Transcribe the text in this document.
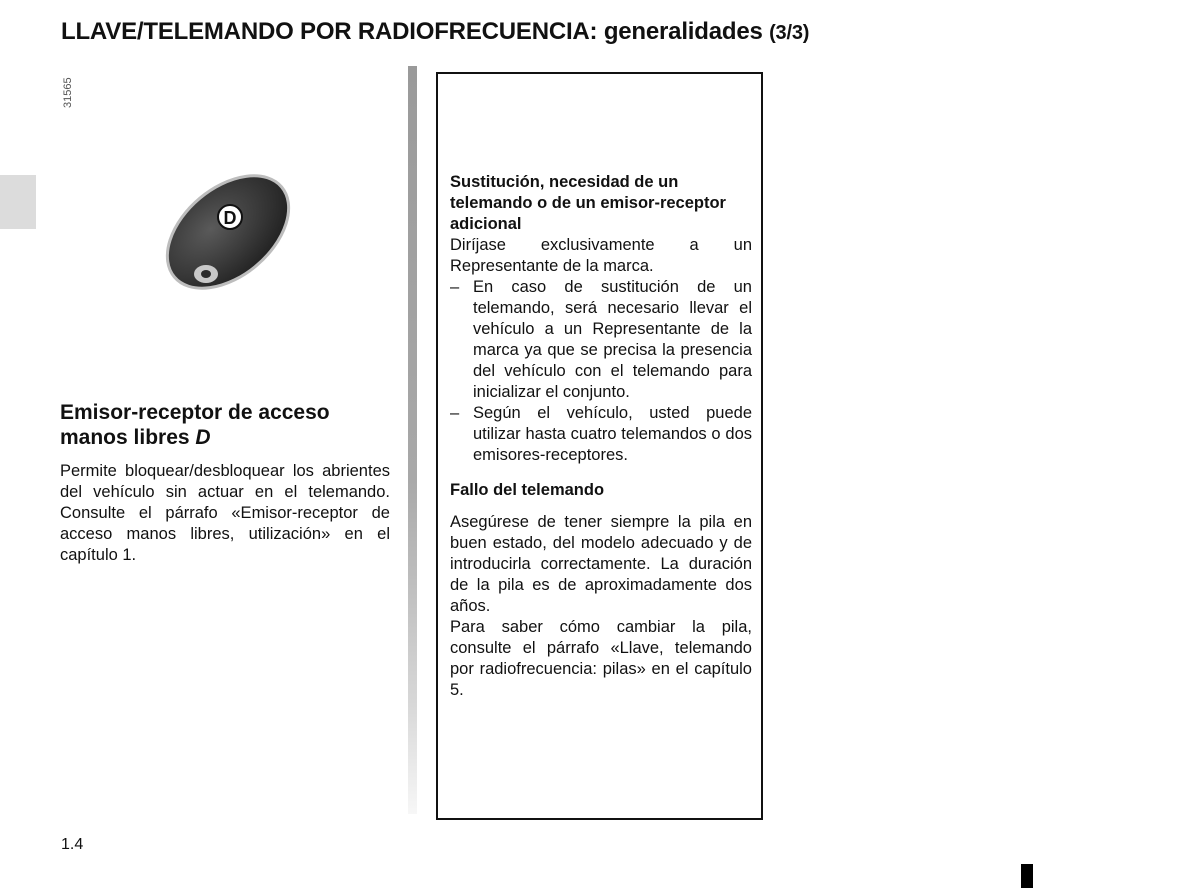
LLAVE/TELEMANDO POR RADIOFRECUENCIA: generalidades (3/3)
31565
D
Emisor-receptor de acceso manos libres D

Permite bloquear/desbloquear los abrientes del vehículo sin actuar en el telemando. Consulte el párrafo «Emisor-receptor de acceso manos libres, utilización» en el capítulo 1.

Sustitución, necesidad de un telemando o de un emisor-receptor adicional

Diríjase exclusivamente a un Representante de la marca.

– En caso de sustitución de un telemando, será necesario llevar el vehículo a un Representante de la marca ya que se precisa la presencia del vehículo con el telemando para inicializar el conjunto.
– Según el vehículo, usted puede utilizar hasta cuatro telemandos o dos emisores-receptores.
Fallo del telemando

Asegúrese de tener siempre la pila en buen estado, del modelo adecuado y de introducirla correctamente. La duración de la pila es de aproximadamente dos años.

Para saber cómo cambiar la pila, consulte el párrafo «Llave, telemando por radiofrecuencia: pilas» en el capítulo 5.

1.4
